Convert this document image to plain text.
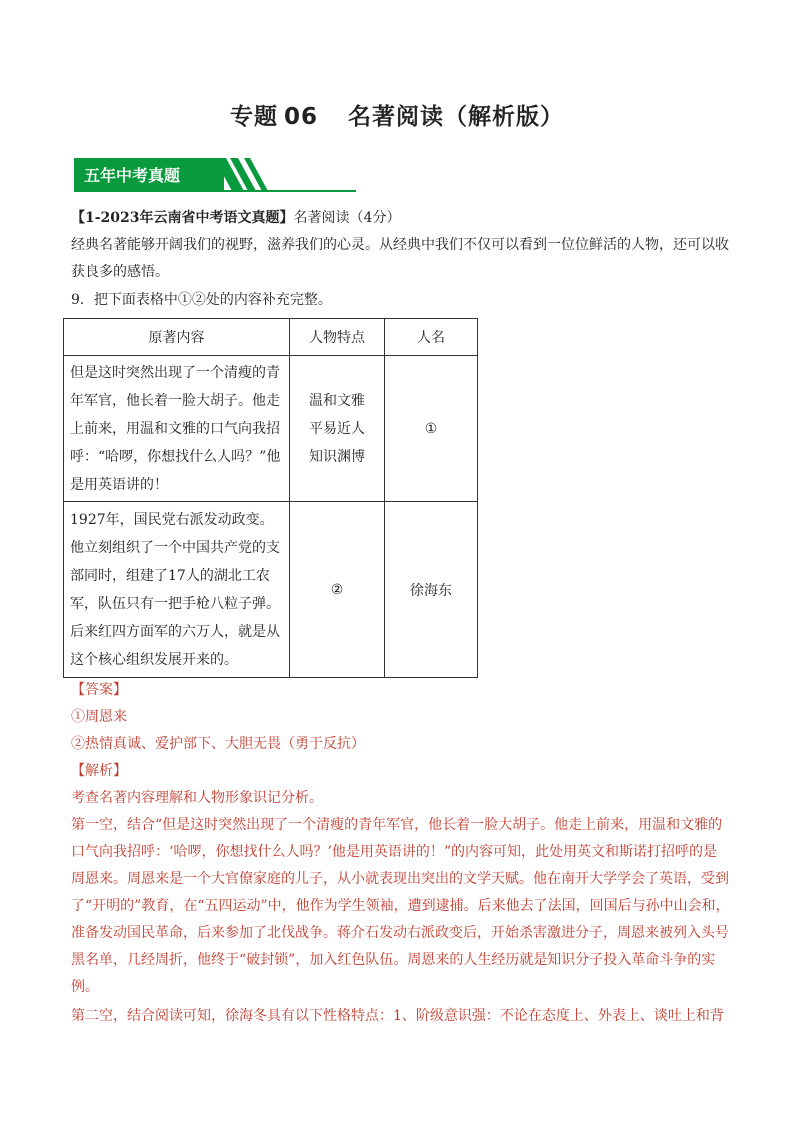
专题 06 名著阅读（解析版）
五年中考真题
【1-2023年云南省中考语文真题】名著阅读（4分）
经典名著能够开阔我们的视野，滋养我们的心灵。从经典中我们不仅可以看到一位位鲜活的人物，还可以收获良多的感悟。
9．把下面表格中①②处的内容补充完整。
原著内容	人物特点	人名

但是这时突然出现了一个清瘦的青年军官，他长着一脸大胡子。他走上前来，用温和文雅的口气向我招呼：“哈啰，你想找什么人吗？”他是用英语讲的！	温和文雅 平易近人 知识渊博	①

1927年，国民党右派发动政变。他立刻组织了一个中国共产党的支部同时，组建了17人的湖北工农军，队伍只有一把手枪八粒子弹。后来红四方面军的六万人，就是从这个核心组织发展开来的。	②	徐海东
【答案】
①周恩来
②热情真诚、爱护部下、大胆无畏（勇于反抗）
【解析】
考查名著内容理解和人物形象识记分析。
第一空，结合“但是这时突然出现了一个清瘦的青年军官，他长着一脸大胡子。他走上前来，用温和文雅的口气向我招呼：‘哈啰，你想找什么人吗？’他是用英语讲的！”的内容可知，此处用英文和斯诺打招呼的是周恩来。周恩来是一个大官僚家庭的儿子，从小就表现出突出的文学天赋。他在南开大学学会了英语，受到了“开明的”教育，在“五四运动”中，他作为学生领袖，遭到逮捕。后来他去了法国，回国后与孙中山会和，准备发动国民革命，后来参加了北伐战争。蒋介石发动右派政变后，开始杀害激进分子，周恩来被列入头号黑名单，几经周折，他终于“破封锁”，加入红色队伍。周恩来的人生经历就是知识分子投入革命斗争的实例。
第二空，结合阅读可知，徐海冬具有以下性格特点：1、阶级意识强：不论在态度上、外表上、谈吐上和背
